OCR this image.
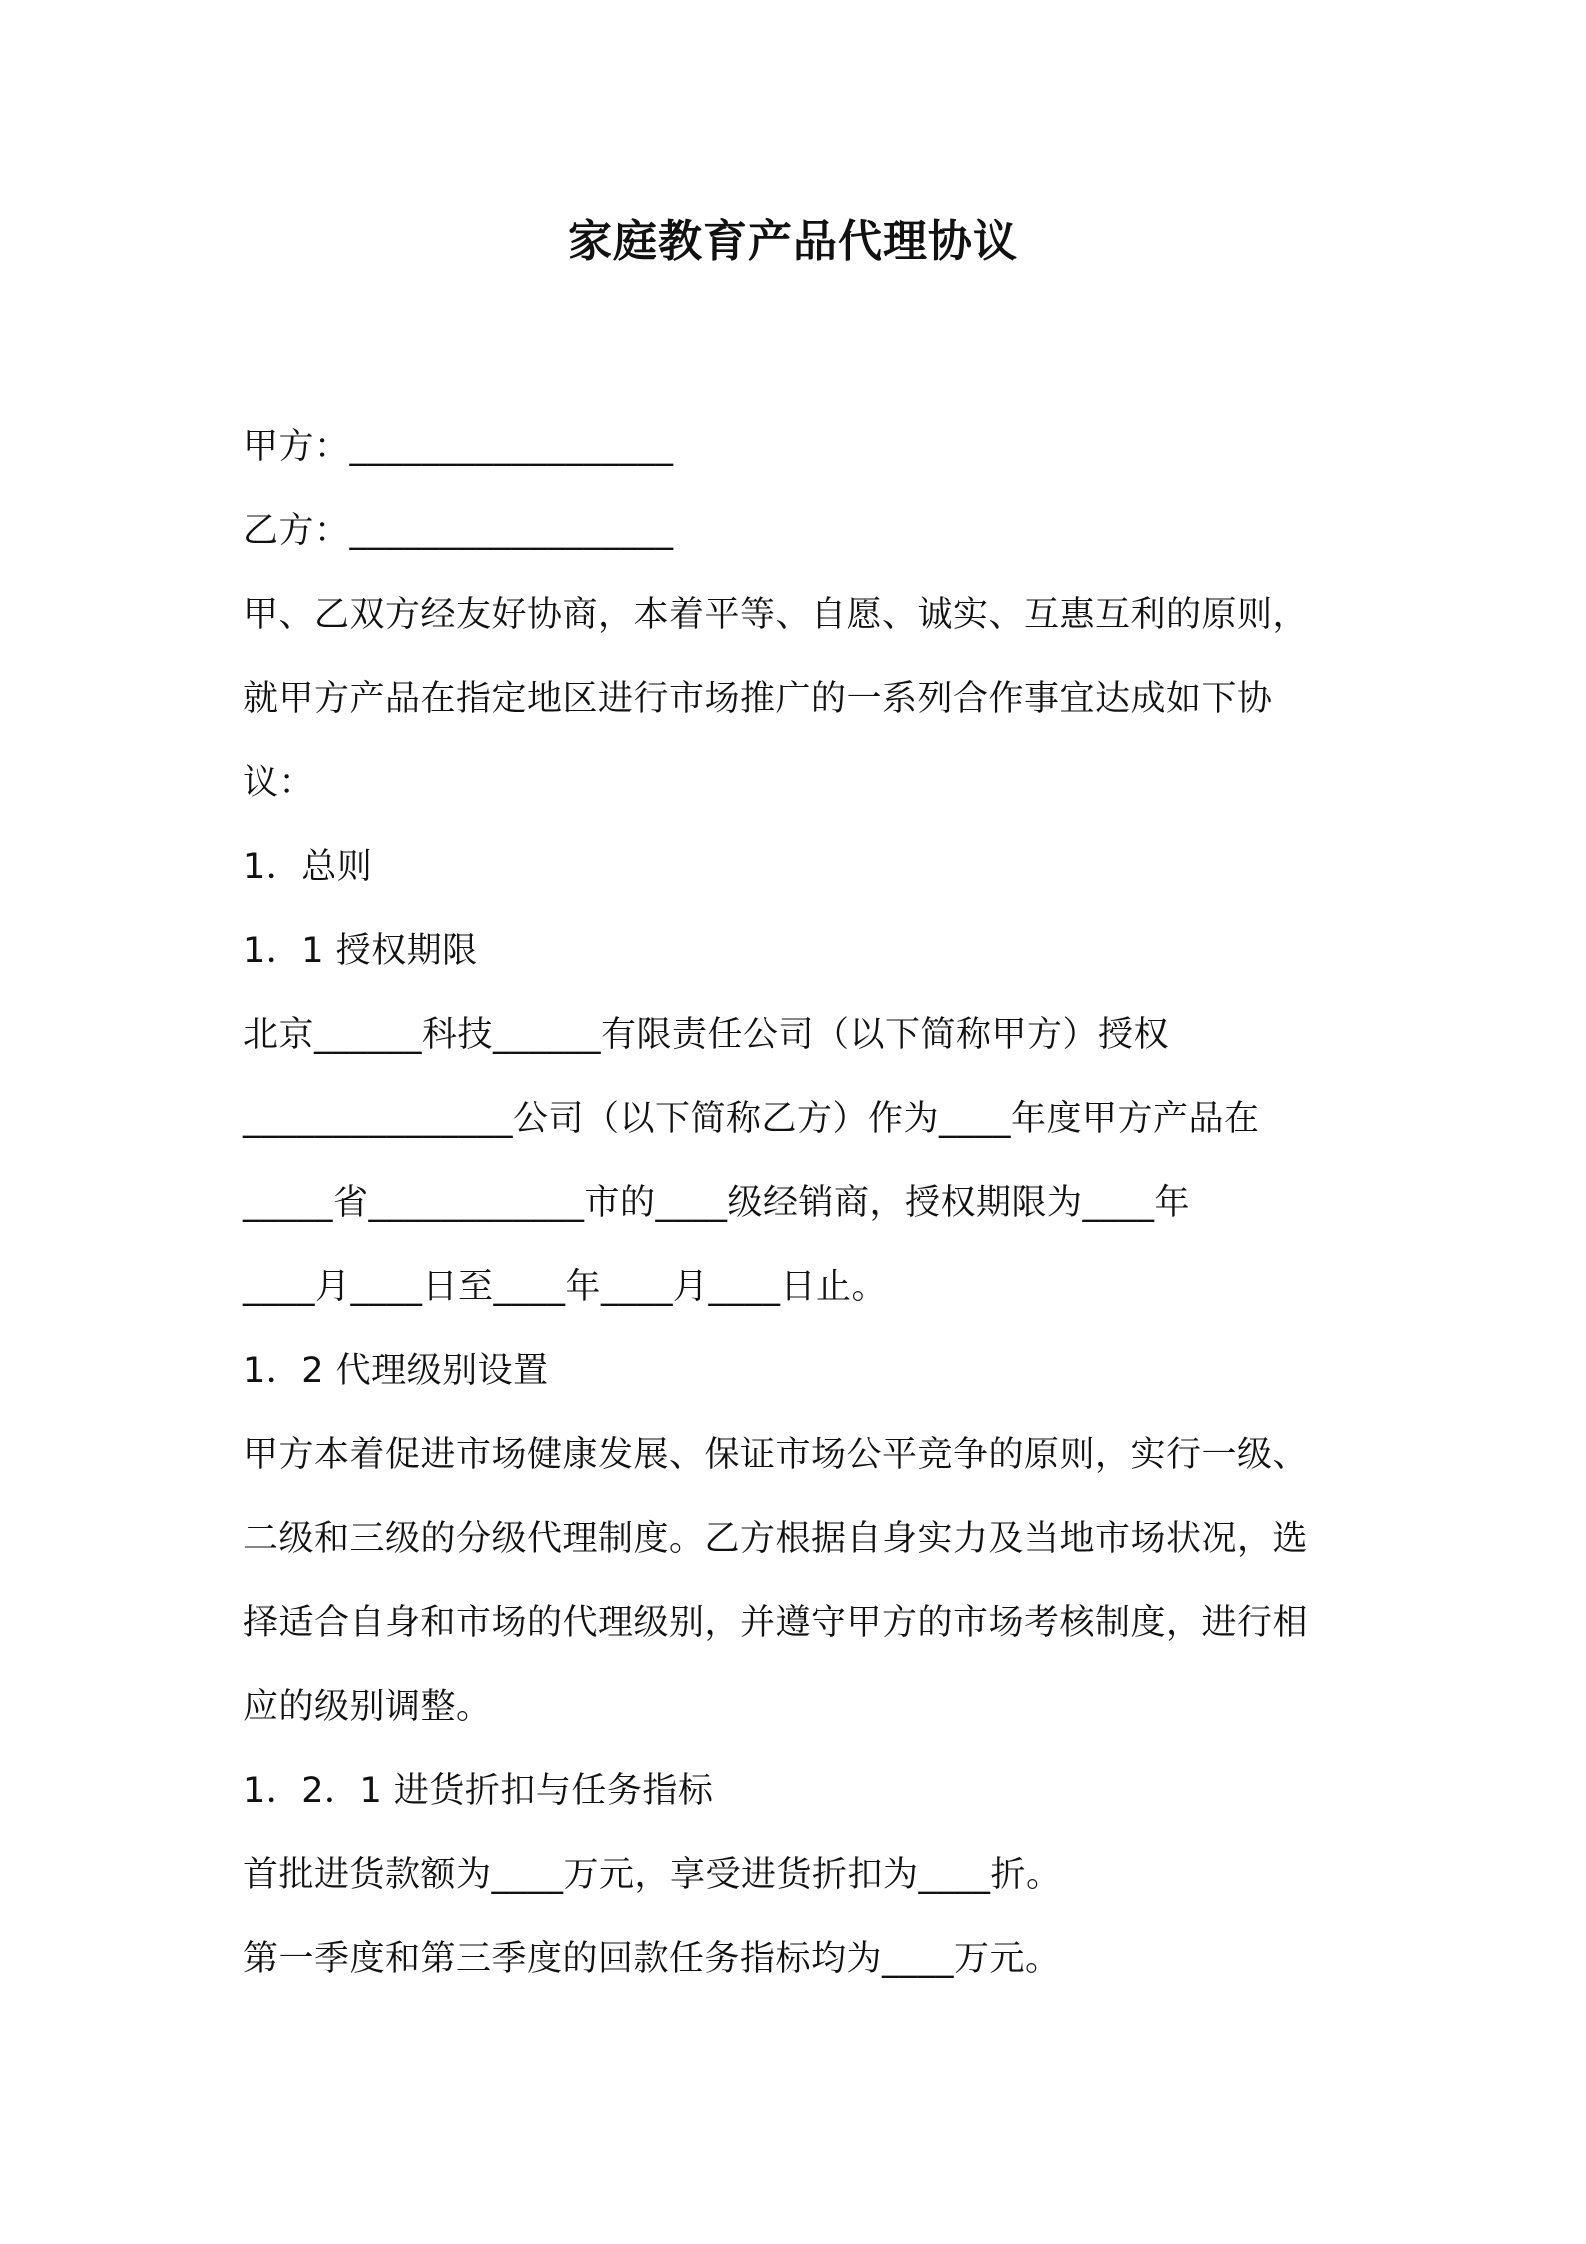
家庭教育产品代理协议
甲方：__________________
乙方：__________________
甲、乙双方经友好协商，本着平等、自愿、诚实、互惠互利的原则，
就甲方产品在指定地区进行市场推广的一系列合作事宜达成如下协
议：
1．总则
1．1 授权期限
北京______科技______有限责任公司（以下简称甲方）授权
_______________公司（以下简称乙方）作为____年度甲方产品在
_____省____________市的____级经销商，授权期限为____年
____月____日至____年____月____日止。
1．2 代理级别设置
甲方本着促进市场健康发展、保证市场公平竞争的原则，实行一级、
二级和三级的分级代理制度。乙方根据自身实力及当地市场状况，选
择适合自身和市场的代理级别，并遵守甲方的市场考核制度，进行相
应的级别调整。
1．2．1 进货折扣与任务指标
首批进货款额为____万元，享受进货折扣为____折。
第一季度和第三季度的回款任务指标均为____万元。
